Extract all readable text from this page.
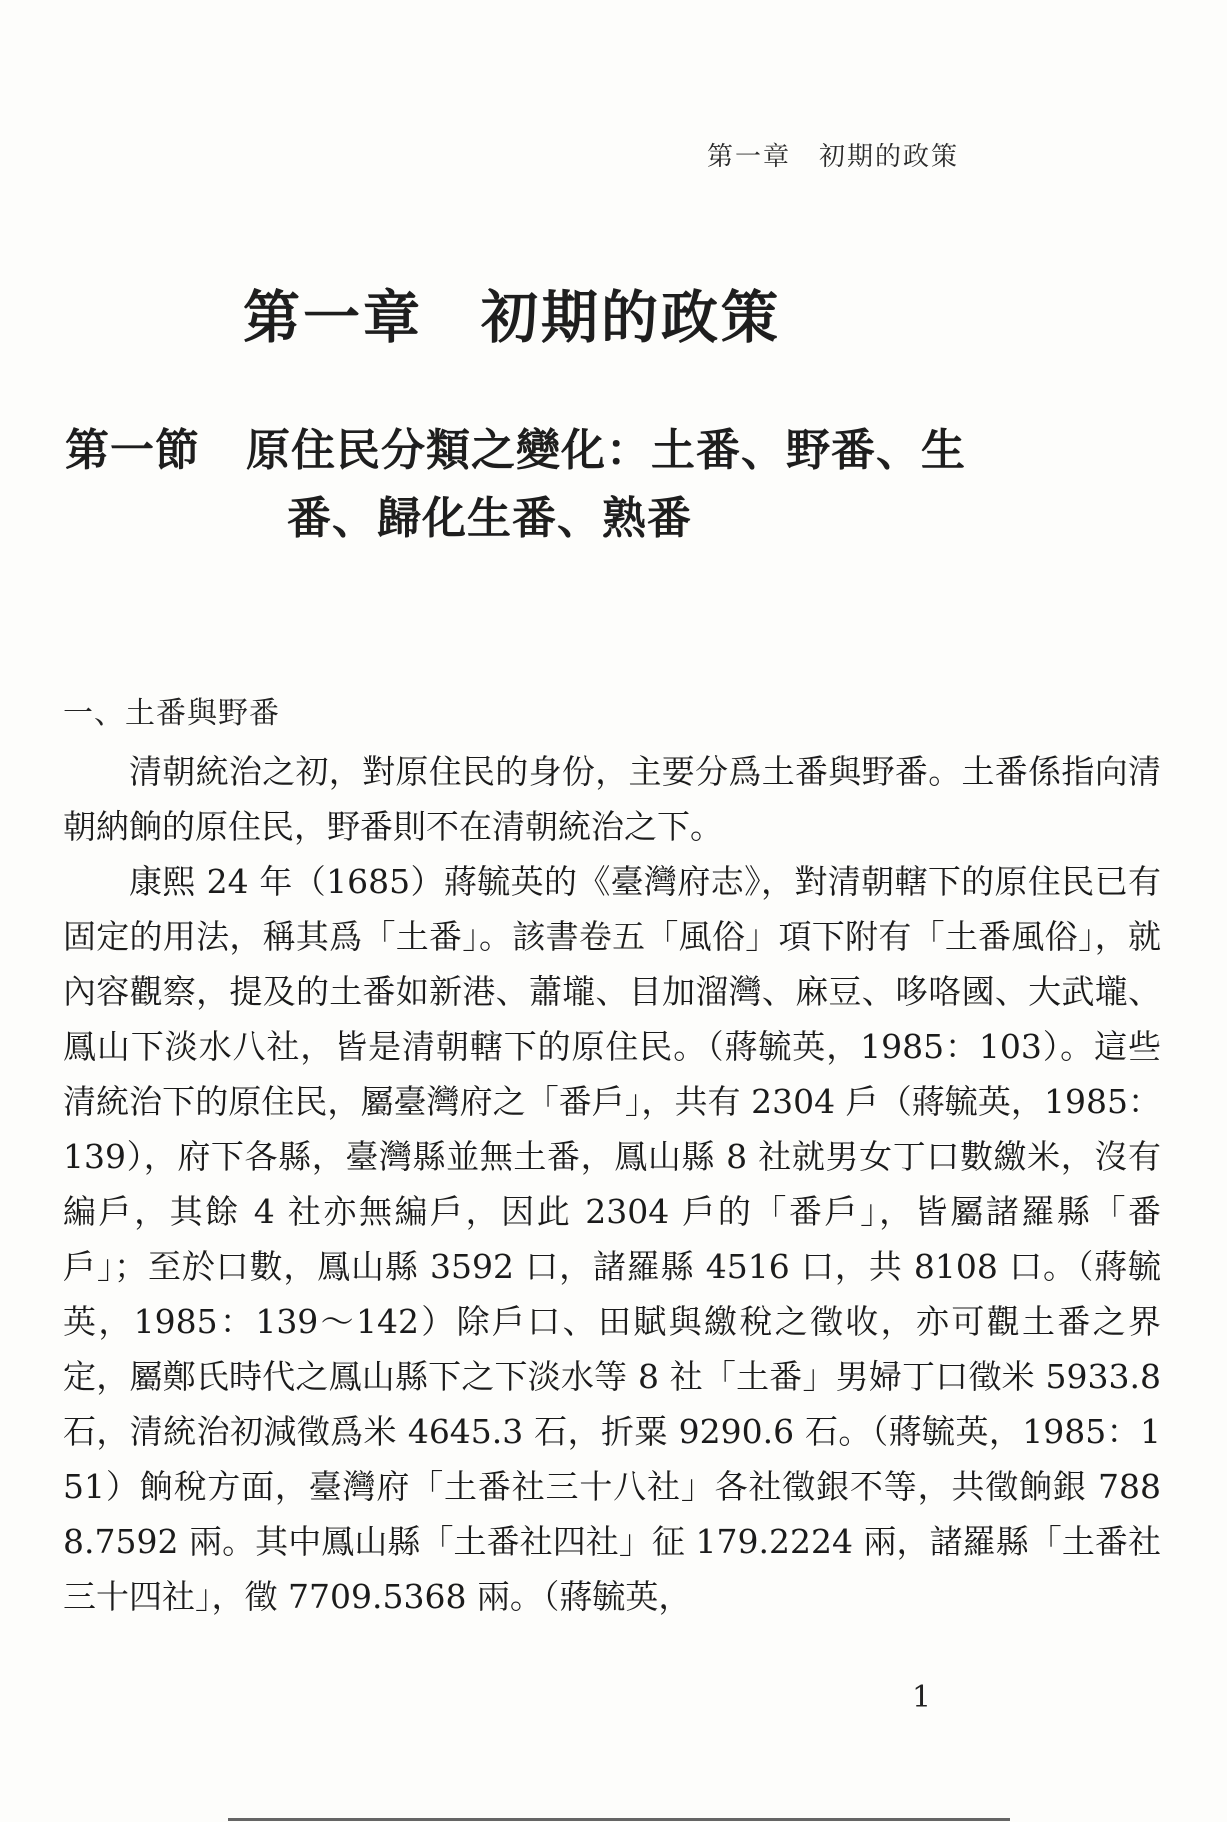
第一章　初期的政策
第一章 初期的政策
第一節 原住民分類之變化：土番、野番、生
番、歸化生番、熟番
一、土番與野番

清朝統治之初，對原住民的身份，主要分爲土番與野番。土番係指向清朝納餉的原住民，野番則不在清朝統治之下。

康熙 24 年（1685）蔣毓英的《臺灣府志》，對清朝轄下的原住民已有固定的用法，稱其爲「土番」。該書卷五「風俗」項下附有「土番風俗」，就內容觀察，提及的土番如新港、蕭壠、目加溜灣、麻豆、哆咯國、大武壠、鳳山下淡水八社，皆是清朝轄下的原住民。（蔣毓英，1985：103）。這些清統治下的原住民，屬臺灣府之「番戶」，共有 2304 戶（蔣毓英，1985：139），府下各縣，臺灣縣並無土番，鳳山縣 8 社就男女丁口數繳米，沒有編戶，其餘 4 社亦無編戶，因此 2304 戶的「番戶」，皆屬諸羅縣「番戶」；至於口數，鳳山縣 3592 口，諸羅縣 4516 口，共 8108 口。（蔣毓英，1985：139～142）除戶口、田賦與繳稅之徵收，亦可觀土番之界定，屬鄭氏時代之鳳山縣下之下淡水等 8 社「土番」男婦丁口徵米 5933.8 石，清統治初減徵爲米 4645.3 石，折粟 9290.6 石。（蔣毓英，1985：151）餉稅方面，臺灣府「土番社三十八社」各社徵銀不等，共徵餉銀 7888.7592 兩。其中鳳山縣「土番社四社」征 179.2224 兩，諸羅縣「土番社三十四社」，徵 7709.5368 兩。（蔣毓英，

1
